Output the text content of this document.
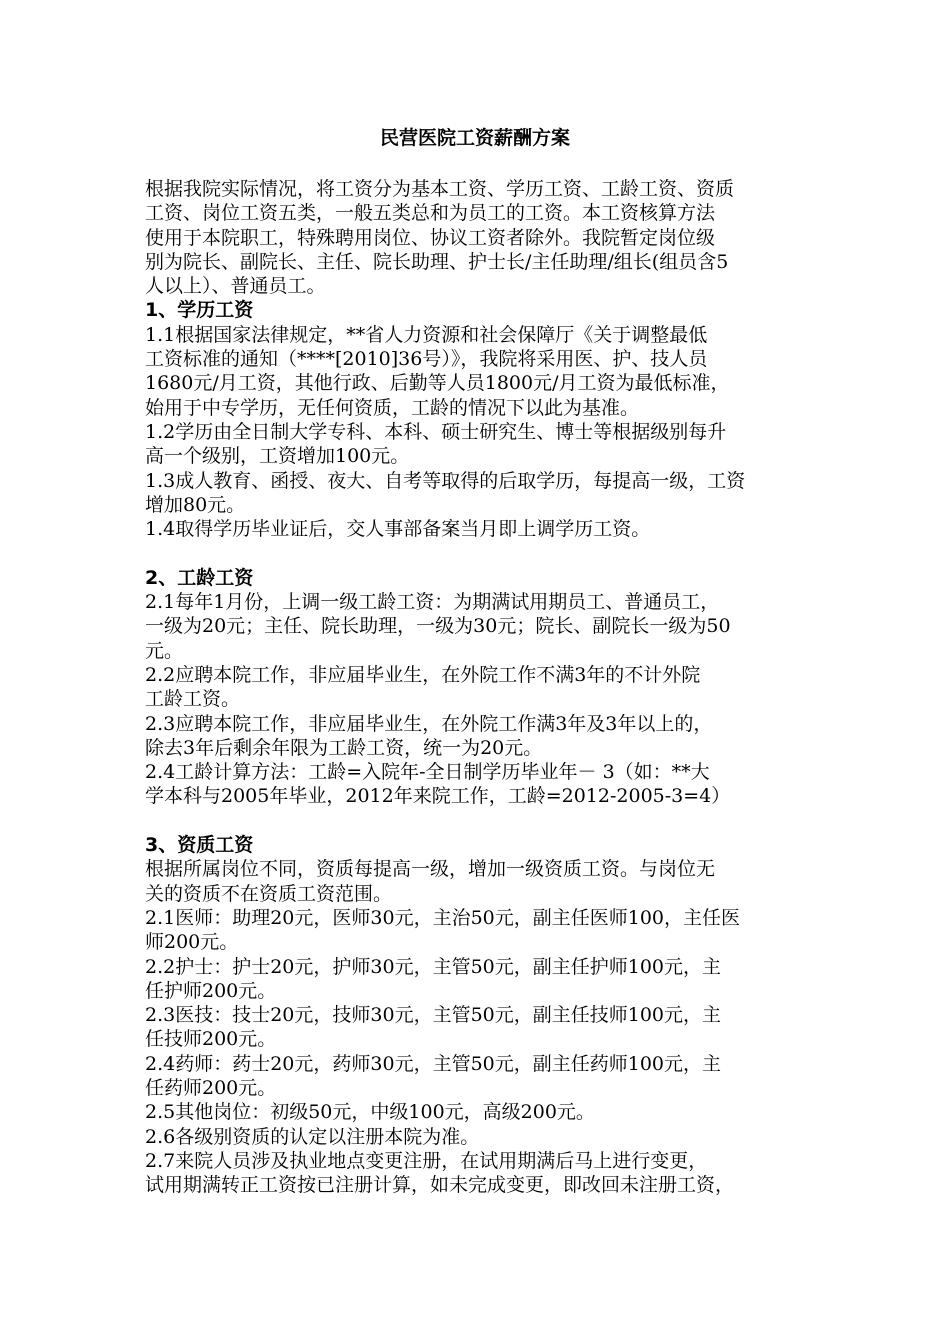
民营医院工资薪酬方案
根据我院实际情况，将工资分为基本工资、学历工资、工龄工资、资质
工资、岗位工资五类，一般五类总和为员工的工资。本工资核算方法
使用于本院职工，特殊聘用岗位、协议工资者除外。我院暂定岗位级
别为院长、副院长、主任、院长助理、护士长/主任助理/组长(组员含5
人以上）、普通员工。
1、学历工资
1.1根据国家法律规定，**省人力资源和社会保障厅《关于调整最低
工资标准的通知（****[2010]36号）》，我院将采用医、护、技人员
1680元/月工资，其他行政、后勤等人员1800元/月工资为最低标准，
始用于中专学历，无任何资质，工龄的情况下以此为基准。
1.2学历由全日制大学专科、本科、硕士研究生、博士等根据级别每升
高一个级别，工资增加100元。
1.3成人教育、函授、夜大、自考等取得的后取学历，每提高一级，工资
增加80元。
1.4取得学历毕业证后，交人事部备案当月即上调学历工资。
2、工龄工资
2.1每年1月份，上调一级工龄工资：为期满试用期员工、普通员工，
一级为20元；主任、院长助理，一级为30元；院长、副院长一级为50
元。
2.2应聘本院工作，非应届毕业生，在外院工作不满3年的不计外院
工龄工资。
2.3应聘本院工作，非应届毕业生，在外院工作满3年及3年以上的，
除去3年后剩余年限为工龄工资，统一为20元。
2.4工龄计算方法：工龄=入院年-全日制学历毕业年－ 3（如：**大
学本科与2005年毕业，2012年来院工作，工龄=2012-2005-3=4）
3、资质工资
根据所属岗位不同，资质每提高一级，增加一级资质工资。与岗位无
关的资质不在资质工资范围。
2.1医师：助理20元，医师30元，主治50元，副主任医师100，主任医
师200元。
2.2护士：护士20元，护师30元，主管50元，副主任护师100元，主
任护师200元。
2.3医技：技士20元，技师30元，主管50元，副主任技师100元，主
任技师200元。
2.4药师：药士20元，药师30元，主管50元，副主任药师100元，主
任药师200元。
2.5其他岗位：初级50元，中级100元，高级200元。
2.6各级别资质的认定以注册本院为准。
2.7来院人员涉及执业地点变更注册，在试用期满后马上进行变更，
试用期满转正工资按已注册计算，如未完成变更，即改回未注册工资，
